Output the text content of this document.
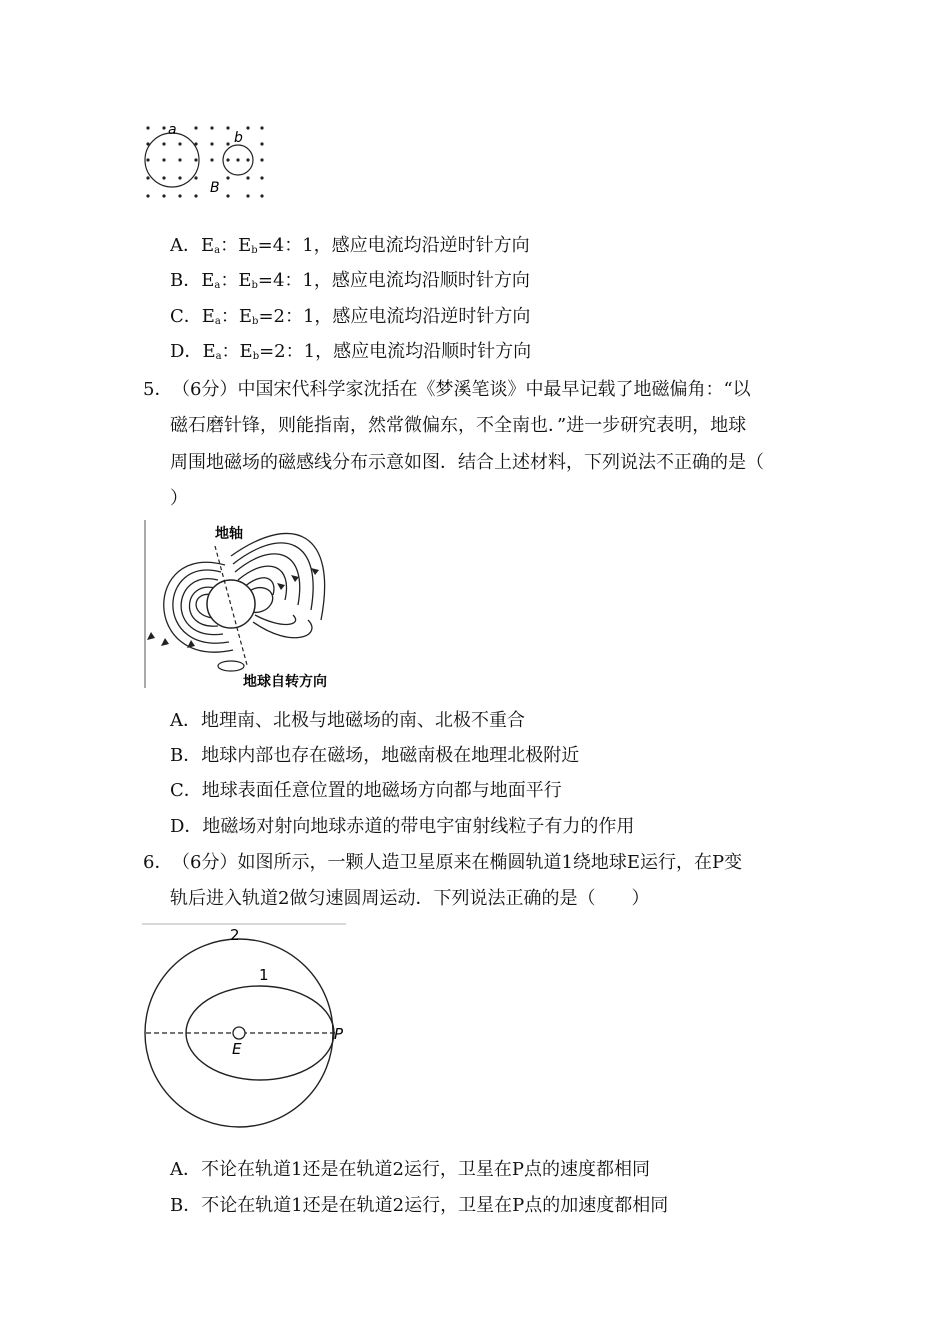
a	b
B
A．$E_a$：$E_b=4$：1，感应电流均沿逆时针方向
B．$E_a$：$E_b=4$：1，感应电流均沿顺时针方向
C．$E_a$：$E_b=2$：1，感应电流均沿逆时针方向
D．$E_a$：$E_b=2$：1，感应电流均沿顺时针方向
5． （6分）中国宋代科学家沈括在《梦溪笔谈》中最早记载了地磁偏角：“以
磁石磨针锋，则能指南，然常微偏东，不全南也．”进一步研究表明，地球
周围地磁场的磁感线分布示意如图．结合上述材料，下列说法不正确的是（
）
地轴
地球自转方向
A．地理南、北极与地磁场的南、北极不重合
B．地球内部也存在磁场，地磁南极在地理北极附近
C．地球表面任意位置的地磁场方向都与地面平行
D．地磁场对射向地球赤道的带电宇宙射线粒子有力的作用
6． （6分）如图所示，一颗人造卫星原来在椭圆轨道1绕地球E运行，在P变
轨后进入轨道2做匀速圆周运动．下列说法正确的是（　　）
2
1
E
P
A．不论在轨道1还是在轨道2运行，卫星在P点的速度都相同
B．不论在轨道1还是在轨道2运行，卫星在P点的加速度都相同
